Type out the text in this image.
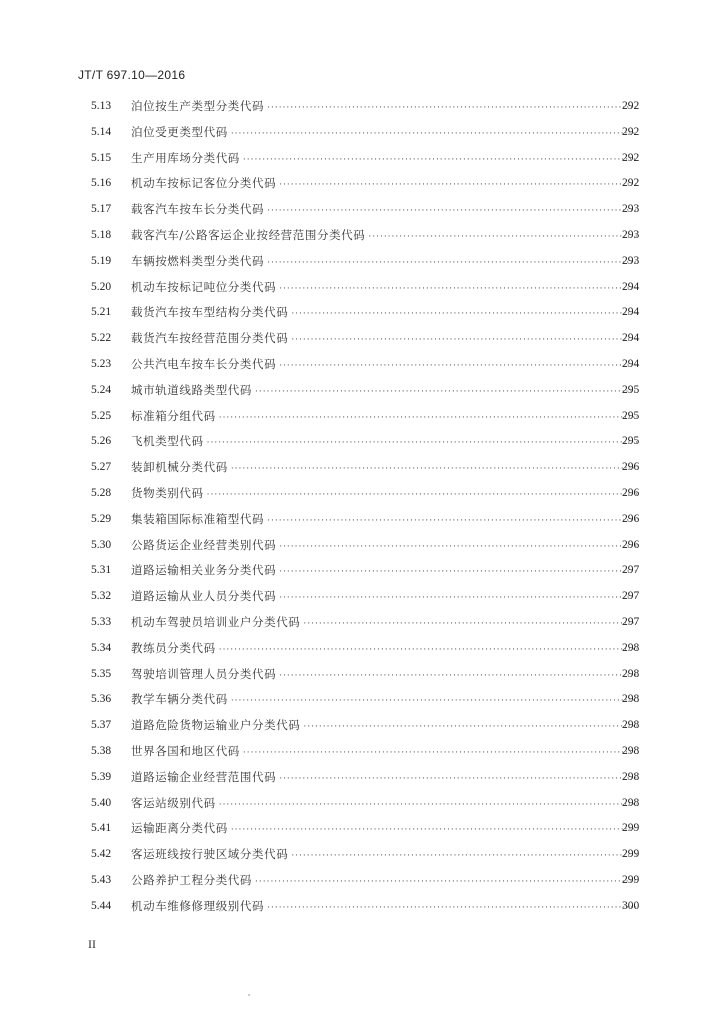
JT/T 697.10—2016
5.13	泊位按生产类型分类代码 ·····	292
5.14	泊位受更类型代码 ·····	292
5.15	生产用库场分类代码 ·····	292
5.16	机动车按标记客位分类代码 ·····	292
5.17	载客汽车按车长分类代码 ·····	293
5.18	载客汽车/公路客运企业按经营范围分类代码 ·····	293
5.19	车辆按燃料类型分类代码 ·····	293
5.20	机动车按标记吨位分类代码 ·····	294
5.21	载货汽车按车型结构分类代码 ·····	294
5.22	载货汽车按经营范围分类代码 ·····	294
5.23	公共汽电车按车长分类代码 ·····	294
5.24	城市轨道线路类型代码 ·····	295
5.25	标准箱分组代码 ·····	295
5.26	飞机类型代码 ·····	295
5.27	装卸机械分类代码 ·····	296
5.28	货物类别代码 ·····	296
5.29	集装箱国际标准箱型代码 ·····	296
5.30	公路货运企业经营类别代码 ·····	296
5.31	道路运输相关业务分类代码 ·····	297
5.32	道路运输从业人员分类代码 ·····	297
5.33	机动车驾驶员培训业户分类代码 ·····	297
5.34	教练员分类代码 ·····	298
5.35	驾驶培训管理人员分类代码 ·····	298
5.36	教学车辆分类代码 ·····	298
5.37	道路危险货物运输业户分类代码 ·····	298
5.38	世界各国和地区代码 ·····	298
5.39	道路运输企业经营范围代码 ·····	298
5.40	客运站级别代码 ·····	298
5.41	运输距离分类代码 ·····	299
5.42	客运班线按行驶区域分类代码 ·····	299
5.43	公路养护工程分类代码 ·····	299
5.44	机动车维修修理级别代码 ·····	300
II
